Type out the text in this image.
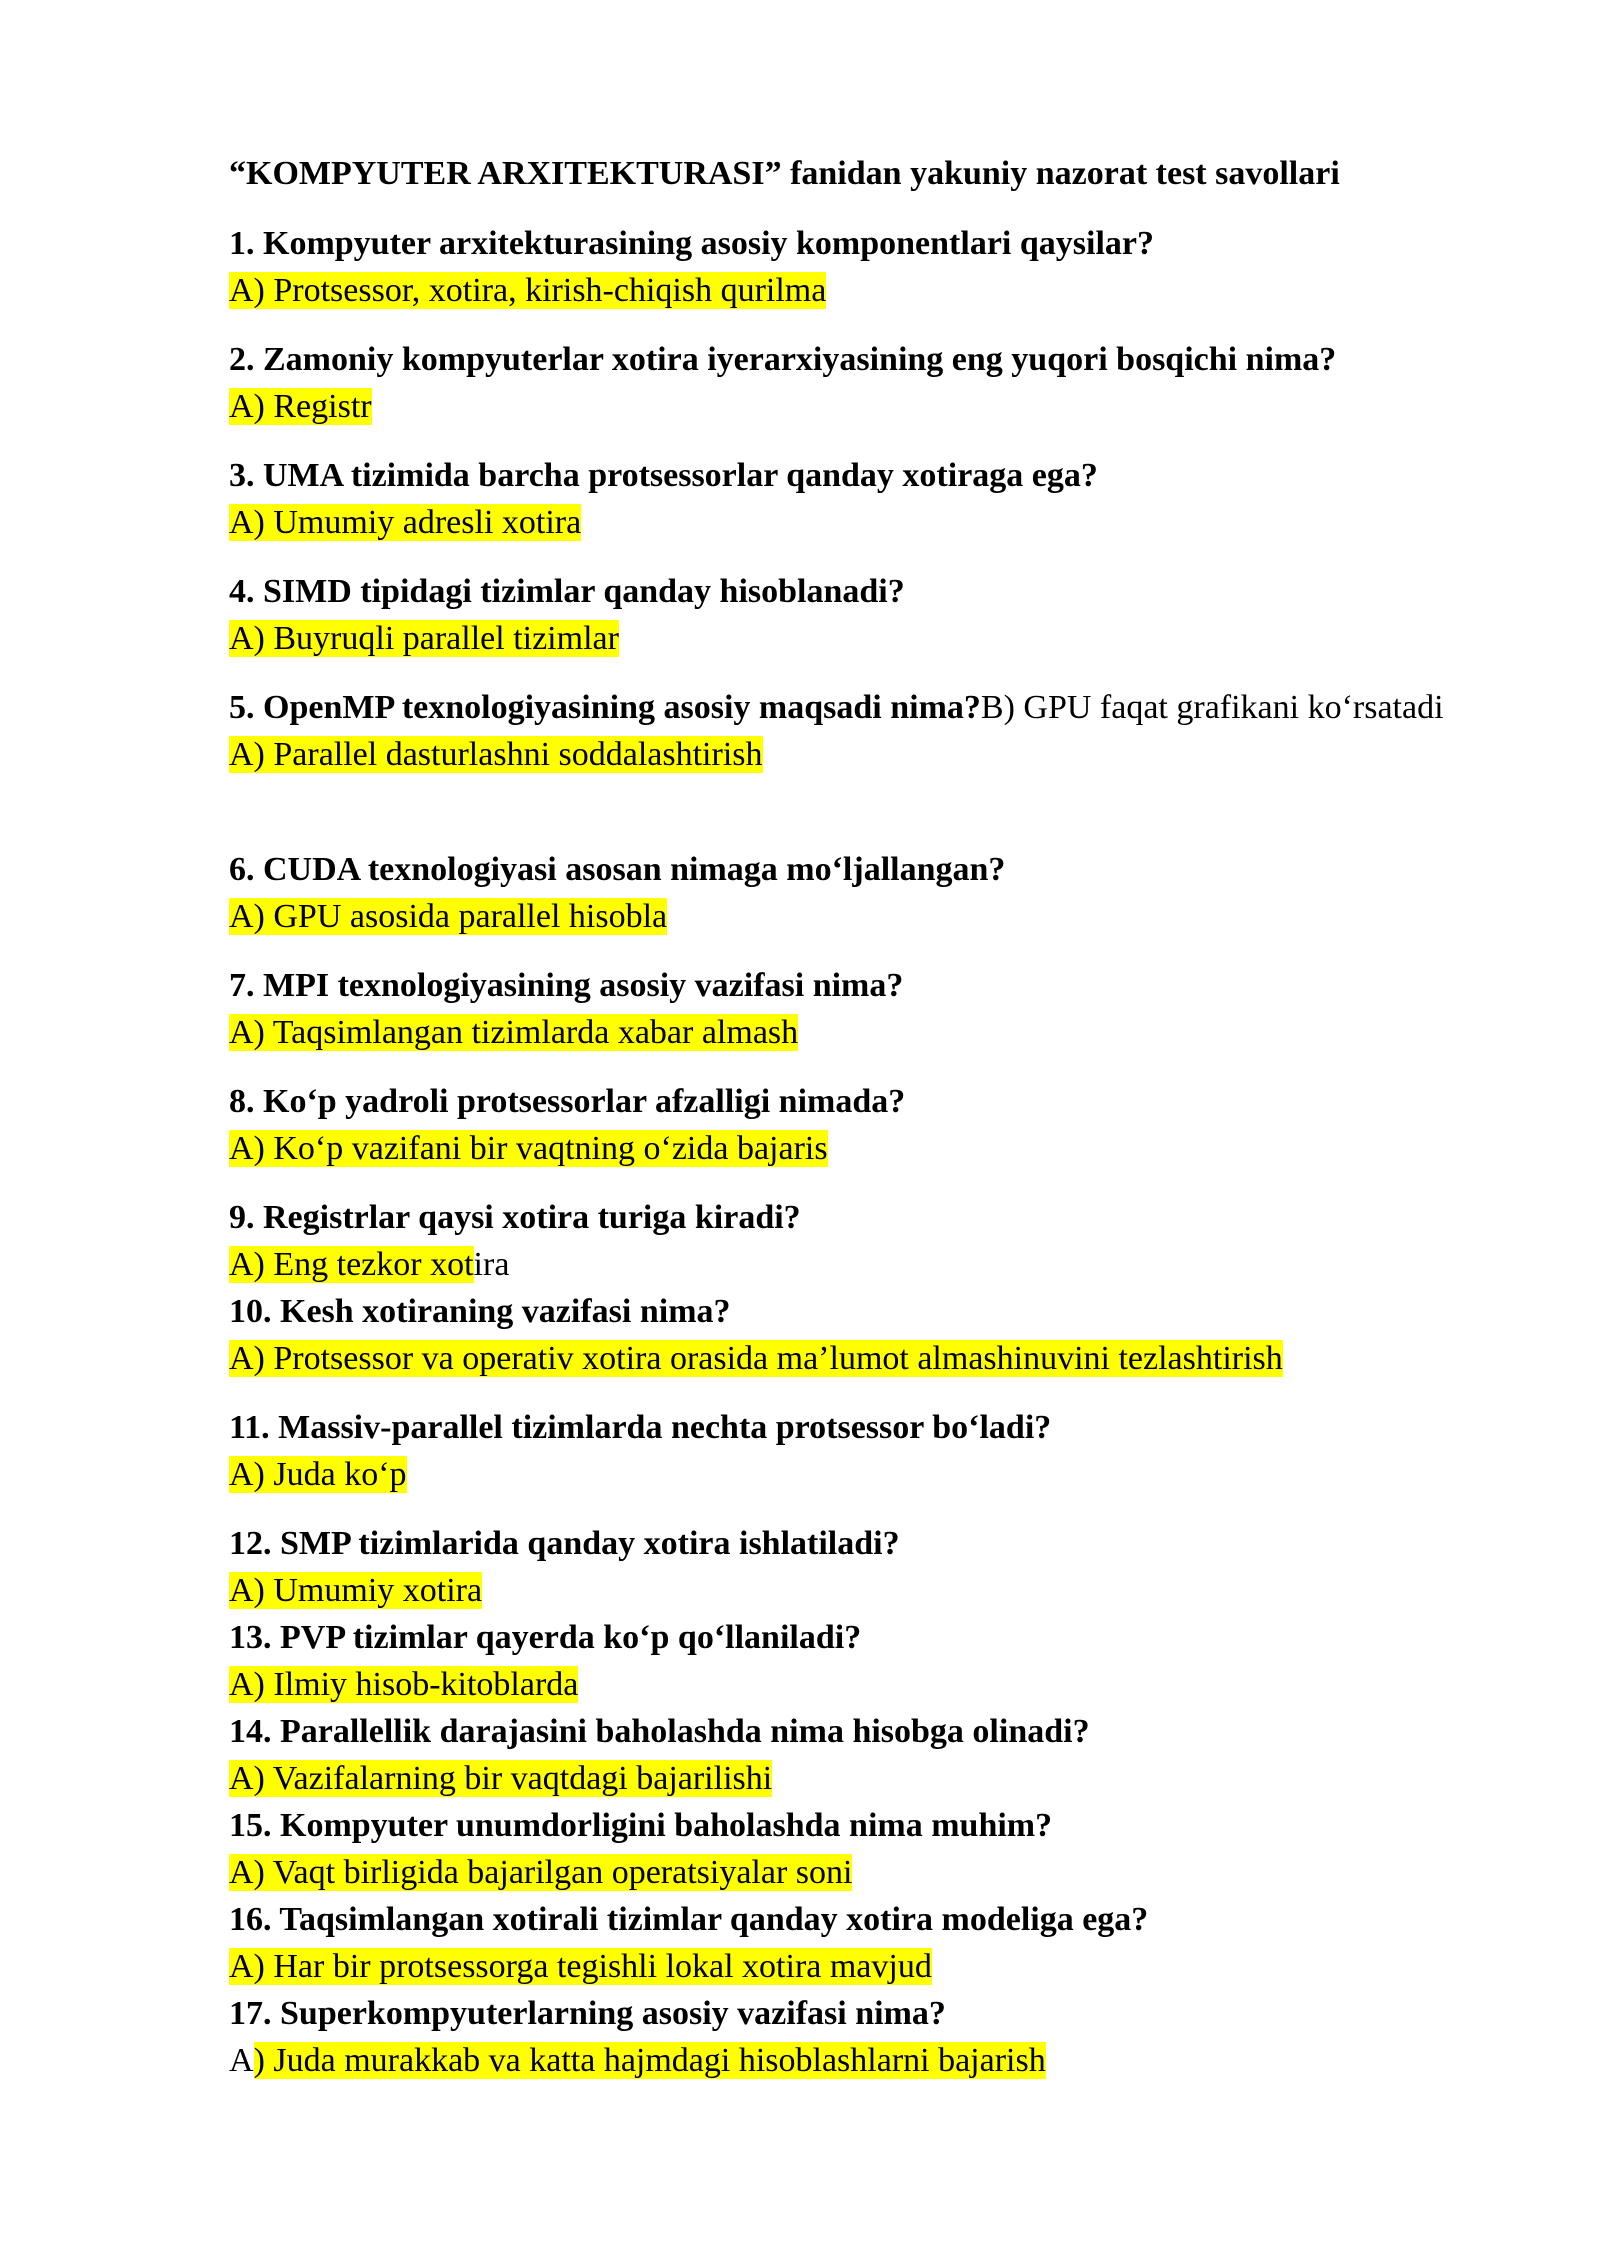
“KOMPYUTER ARXITEKTURASI” fanidan yakuniy nazorat test savollari
1. Kompyuter arxitekturasining asosiy komponentlari qaysilar?
A) Protsessor, xotira, kirish-chiqish qurilma
2. Zamoniy kompyuterlar xotira iyerarxiyasining eng yuqori bosqichi nima?
A) Registr
3. UMA tizimida barcha protsessorlar qanday xotiraga ega?
A) Umumiy adresli xotira
4. SIMD tipidagi tizimlar qanday hisoblanadi?
A) Buyruqli parallel tizimlar
5. OpenMP texnologiyasining asosiy maqsadi nima?B) GPU faqat grafikani ko‘rsatadi
A) Parallel dasturlashni soddalashtirish
6. CUDA texnologiyasi asosan nimaga mo‘ljallangan?
A) GPU asosida parallel hisobla
7. MPI texnologiyasining asosiy vazifasi nima?
A) Taqsimlangan tizimlarda xabar almash
8. Ko‘p yadroli protsessorlar afzalligi nimada?
A) Ko‘p vazifani bir vaqtning o‘zida bajaris
9. Registrlar qaysi xotira turiga kiradi?
A) Eng tezkor xotira
10. Kesh xotiraning vazifasi nima?
A) Protsessor va operativ xotira orasida ma’lumot almashinuvini tezlashtirish
11. Massiv-parallel tizimlarda nechta protsessor bo‘ladi?
A) Juda ko‘p
12. SMP tizimlarida qanday xotira ishlatiladi?
A) Umumiy xotira
13. PVP tizimlar qayerda ko‘p qo‘llaniladi?
A) Ilmiy hisob-kitoblarda
14. Parallellik darajasini baholashda nima hisobga olinadi?
A) Vazifalarning bir vaqtdagi bajarilishi
15. Kompyuter unumdorligini baholashda nima muhim?
A) Vaqt birligida bajarilgan operatsiyalar soni
16. Taqsimlangan xotirali tizimlar qanday xotira modeliga ega?
A) Har bir protsessorga tegishli lokal xotira mavjud
17. Superkompyuterlarning asosiy vazifasi nima?
A) Juda murakkab va katta hajmdagi hisoblashlarni bajarish
